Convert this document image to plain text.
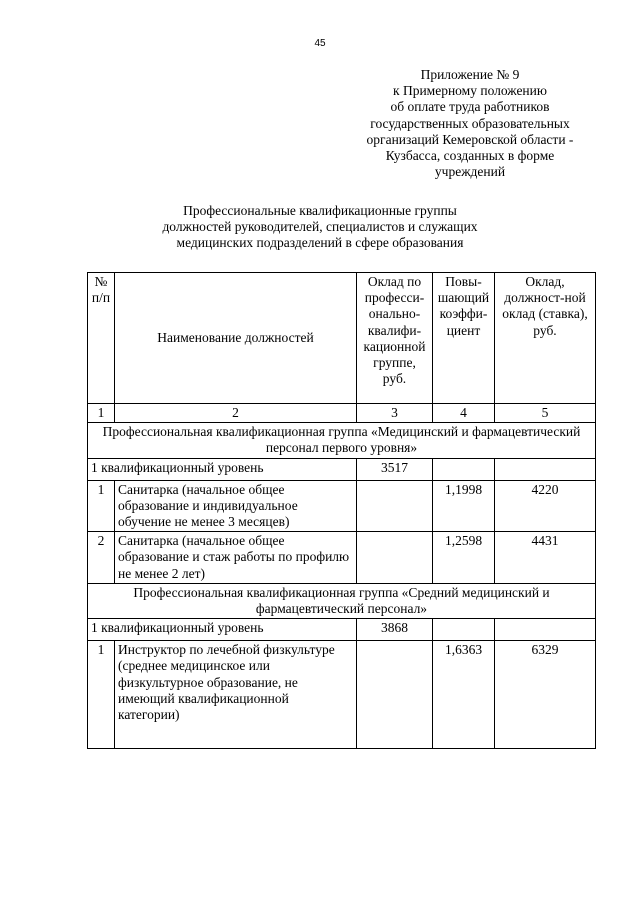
45
Приложение № 9
к Примерному положению
об оплате труда работников
государственных образовательных
организаций Кемеровской области -
Кузбасса, созданных в форме
учреждений
Профессиональные квалификационные группы
должностей руководителей, специалистов и служащих
медицинских подразделений в сфере образования
№ п/п	Наименование должностей	Оклад по професси-онально-квалифи-кационной группе, руб.	Повы-шающий коэффи-циент	Оклад, должност-ной оклад (ставка), руб.
1	2	3	4	5
Профессиональная квалификационная группа «Медицинский и фармацевтический персонал первого уровня»				
1 квалификационный уровень		3517		
1	Санитарка (начальное общее образование и индивидуальное обучение не менее 3 месяцев)		1,1998	4220
2	Санитарка (начальное общее образование и стаж работы по профилю не менее 2 лет)		1,2598	4431
Профессиональная квалификационная группа «Средний медицинский и фармацевтический персонал»				
1 квалификационный уровень		3868		
1	Инструктор по лечебной физкультуре (среднее медицинское или физкультурное образование, не имеющий квалификационной категории)		1,6363	6329
